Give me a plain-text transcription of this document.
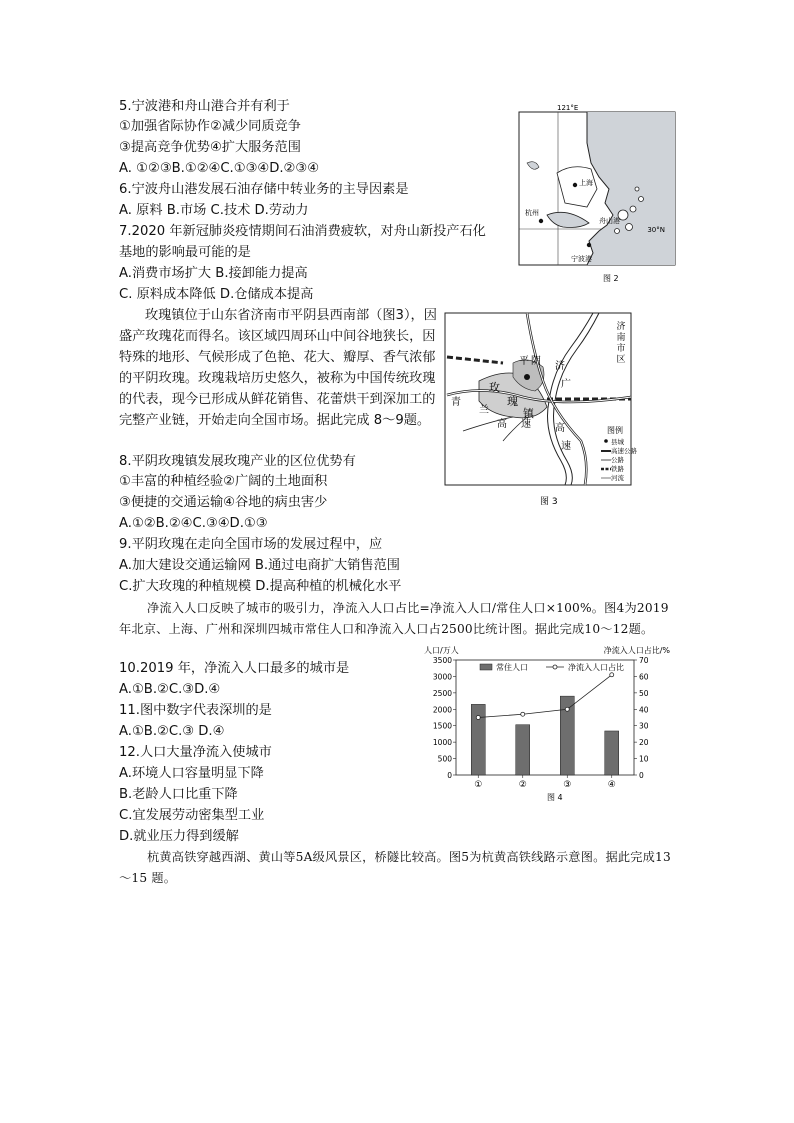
5.宁波港和舟山港合并有利于
①加强省际协作②减少同质竞争
③提高竞争优势④扩大服务范围
A. ①②③B.①②④C.①③④D.②③④
6.宁波舟山港发展石油存储中转业务的主导因素是
A. 原料 B.市场 C.技术 D.劳动力
7.2020 年新冠肺炎疫情期间石油消费疲软，对舟山新投产石化
基地的影响最可能的是
A.消费市场扩大 B.接卸能力提高
C. 原料成本降低 D.仓储成本提高
玫瑰镇位于山东省济南市平阴县西南部（图3），因盛产玫瑰花而得名。该区域四周环山中间谷地狭长，因特殊的地形、气候形成了色艳、花大、瓣厚、香气浓郁的平阴玫瑰。玫瑰栽培历史悠久，被称为中国传统玫瑰的代表，现今已形成从鲜花销售、花蕾烘干到深加工的完整产业链，开始走向全国市场。据此完成 8～9题。
8.平阴玫瑰镇发展玫瑰产业的区位优势有
①丰富的种植经验②广阔的土地面积
③便捷的交通运输④谷地的病虫害少
A.①②B.②④C.③④D.①③
9.平阴玫瑰在走向全国市场的发展过程中，应
A.加大建设交通运输网 B.通过电商扩大销售范围
C.扩大玫瑰的种植规模 D.提高种植的机械化水平
净流入人口反映了城市的吸引力，净流入人口占比=净流入人口/常住人口×100%。图4为2019年北京、上海、广州和深圳四城市常住人口和净流入人口占2500比统计图。据此完成10～12题。
10.2019 年，净流入人口最多的城市是
A.①B.②C.③D.④
11.图中数字代表深圳的是
A.①B.②C.③ D.④
12.人口大量净流入使城市
A.环境人口容量明显下降
B.老龄人口比重下降
C.宜发展劳动密集型工业
D.就业压力得到缓解
杭黄高铁穿越西湖、黄山等5A级风景区，桥隧比较高。图5为杭黄高铁线路示意图。据此完成13～15 题。
121°E
30°N
上海
杭州
舟山港
宁波港
图 2
济
南
市
区
平 阴
玫
瑰
镇
青
兰
高 速
济
广
高
速
图例
县城
高速公路
公路
铁路
河流
图 3
人口/万人	净流入人口占比/%
常住人口	净流入人口占比
0
500
1000
1500
2000
2500
3000
3500
0
10
20
30
40
50
60
70
①	②	③	④
图 4
